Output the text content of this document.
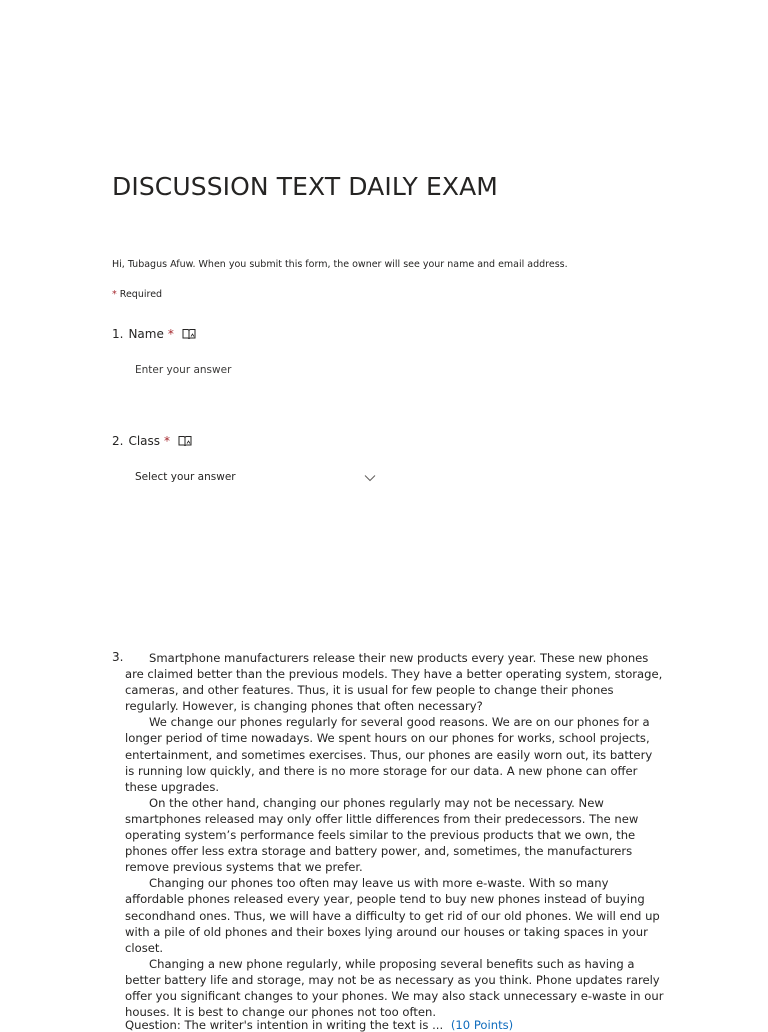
DISCUSSION TEXT DAILY EXAM
Hi, Tubagus Afuw. When you submit this form, the owner will see your name and email address.
* Required
1. Name *
Enter your answer
2. Class *
Select your answer
3.	Smartphone manufacturers release their new products every year. These new phones are claimed better than the previous models. They have a better operating system, storage, cameras, and other features. Thus, it is usual for few people to change their phones regularly. However, is changing phones that often necessary?

We change our phones regularly for several good reasons. We are on our phones for a longer period of time nowadays. We spent hours on our phones for works, school projects, entertainment, and sometimes exercises. Thus, our phones are easily worn out, its battery is running low quickly, and there is no more storage for our data. A new phone can offer these upgrades.

On the other hand, changing our phones regularly may not be necessary. New smartphones released may only offer little differences from their predecessors. The new operating system’s performance feels similar to the previous products that we own, the phones offer less extra storage and battery power, and, sometimes, the manufacturers remove previous systems that we prefer.

Changing our phones too often may leave us with more e-waste. With so many affordable phones released every year, people tend to buy new phones instead of buying secondhand ones. Thus, we will have a difficulty to get rid of our old phones. We will end up with a pile of old phones and their boxes lying around our houses or taking spaces in your closet.

Changing a new phone regularly, while proposing several benefits such as having a better battery life and storage, may not be as necessary as you think. Phone updates rarely offer you significant changes to your phones. We may also stack unnecessary e-waste in our houses. It is best to change our phones not too often.

Question: The writer's intention in writing the text is ... (10 Points)
